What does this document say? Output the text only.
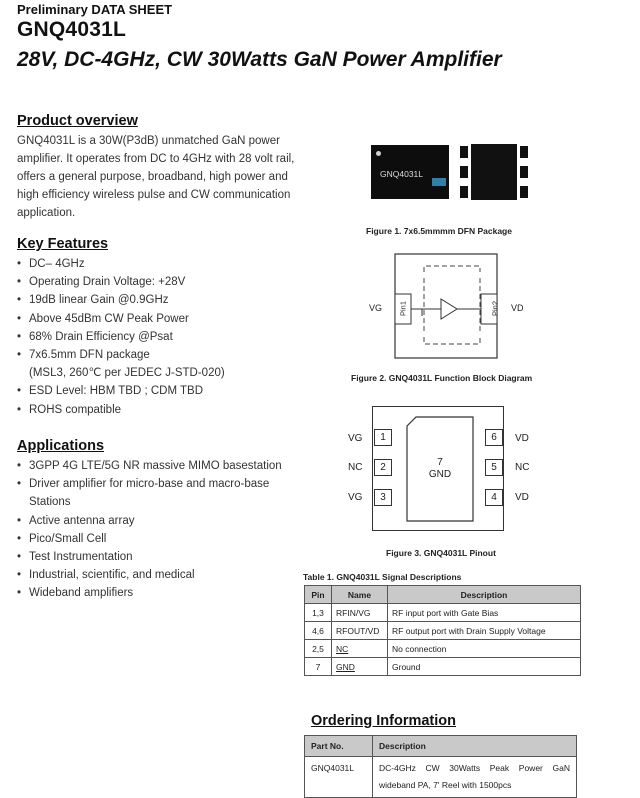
Preliminary DATA SHEET
GNQ4031L
28V, DC-4GHz, CW 30Watts GaN Power Amplifier
Product overview
GNQ4031L is a 30W(P3dB) unmatched GaN power amplifier. It operates from DC to 4GHz with 28 volt rail, offers a general purpose, broadband, high power and high efficiency wireless pulse and CW communication application.
Key Features
• DC– 4GHz
• Operating Drain Voltage: +28V
• 19dB linear Gain @0.9GHz
• Above 45dBm CW Peak Power
• 68% Drain Efficiency @Psat
• 7x6.5mm DFN package
(MSL3, 260℃ per JEDEC J-STD-020)
• ESD Level: HBM TBD ; CDM TBD
• ROHS compatible
Applications
• 3GPP 4G LTE/5G NR massive MIMO basestation
• Driver amplifier for micro-base and macro-base
Stations
• Active antenna array
• Pico/Small Cell
• Test Instrumentation
• Industrial, scientific, and medical
• Wideband amplifiers
GNQ4031L
Figure 1. 7x6.5mmmm DFN Package
VG	VD
Pin1	Pin2
Figure 2. GNQ4031L Function Block Diagram
VG	1
NC	2
VG	3
6	VD
5	NC
4	VD
7
GND
Figure 3. GNQ4031L Pinout
Table 1. GNQ4031L Signal Descriptions
Pin	Name	Description
1,3	RFIN/VG	RF input port with Gate Bias
4,6	RFOUT/VD	RF output port with Drain Supply Voltage
2,5	NC	No connection
7	GND	Ground
Ordering Information
Part No.	Description
GNQ4031L	DC-4GHz CW 30Watts Peak Power GaN wideband PA, 7' Reel with 1500pcs
